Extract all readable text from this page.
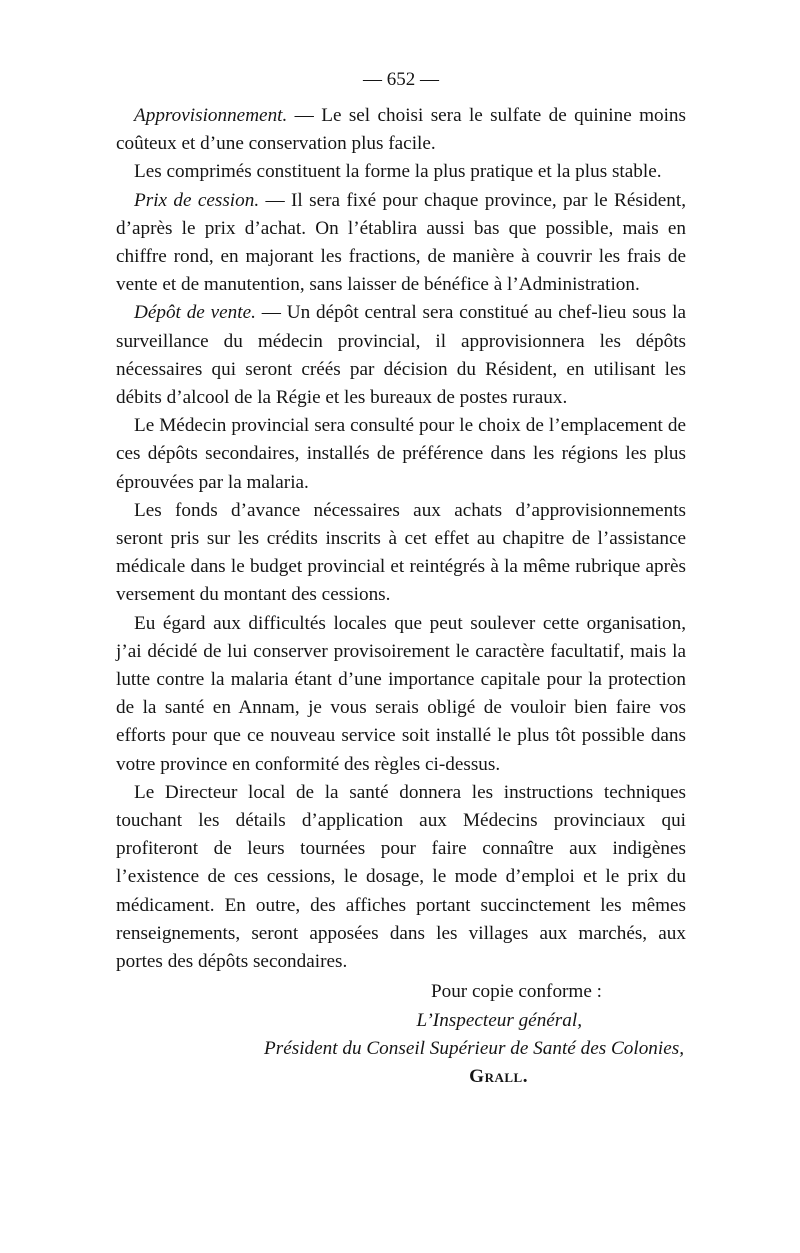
— 652 —

Approvisionnement. — Le sel choisi sera le sulfate de quinine moins coûteux et d’une conservation plus facile.

Les comprimés constituent la forme la plus pratique et la plus stable.

Prix de cession. — Il sera fixé pour chaque province, par le Résident, d’après le prix d’achat. On l’établira aussi bas que possible, mais en chiffre rond, en majorant les fractions, de manière à couvrir les frais de vente et de manutention, sans laisser de bénéfice à l’Administration.

Dépôt de vente. — Un dépôt central sera constitué au chef-lieu sous la surveillance du médecin provincial, il approvisionnera les dépôts nécessaires qui seront créés par décision du Résident, en utilisant les débits d’alcool de la Régie et les bureaux de postes ruraux.

Le Médecin provincial sera consulté pour le choix de l’emplacement de ces dépôts secondaires, installés de préférence dans les régions les plus éprouvées par la malaria.

Les fonds d’avance nécessaires aux achats d’approvisionnements seront pris sur les crédits inscrits à cet effet au chapitre de l’assistance médicale dans le budget provincial et reintégrés à la même rubrique après versement du montant des cessions.

Eu égard aux difficultés locales que peut soulever cette organisation, j’ai décidé de lui conserver provisoirement le caractère facultatif, mais la lutte contre la malaria étant d’une importance capitale pour la protection de la santé en Annam, je vous serais obligé de vouloir bien faire vos efforts pour que ce nouveau service soit installé le plus tôt possible dans votre province en conformité des règles ci-dessus.

Le Directeur local de la santé donnera les instructions techniques touchant les détails d’application aux Médecins provinciaux qui profiteront de leurs tournées pour faire connaître aux indigènes l’existence de ces cessions, le dosage, le mode d’emploi et le prix du médicament. En outre, des affiches portant succinctement les mêmes renseignements, seront apposées dans les villages aux marchés, aux portes des dépôts secondaires.

Pour copie conforme :
L’Inspecteur général,
Président du Conseil Supérieur de Santé des Colonies,
Grall.
